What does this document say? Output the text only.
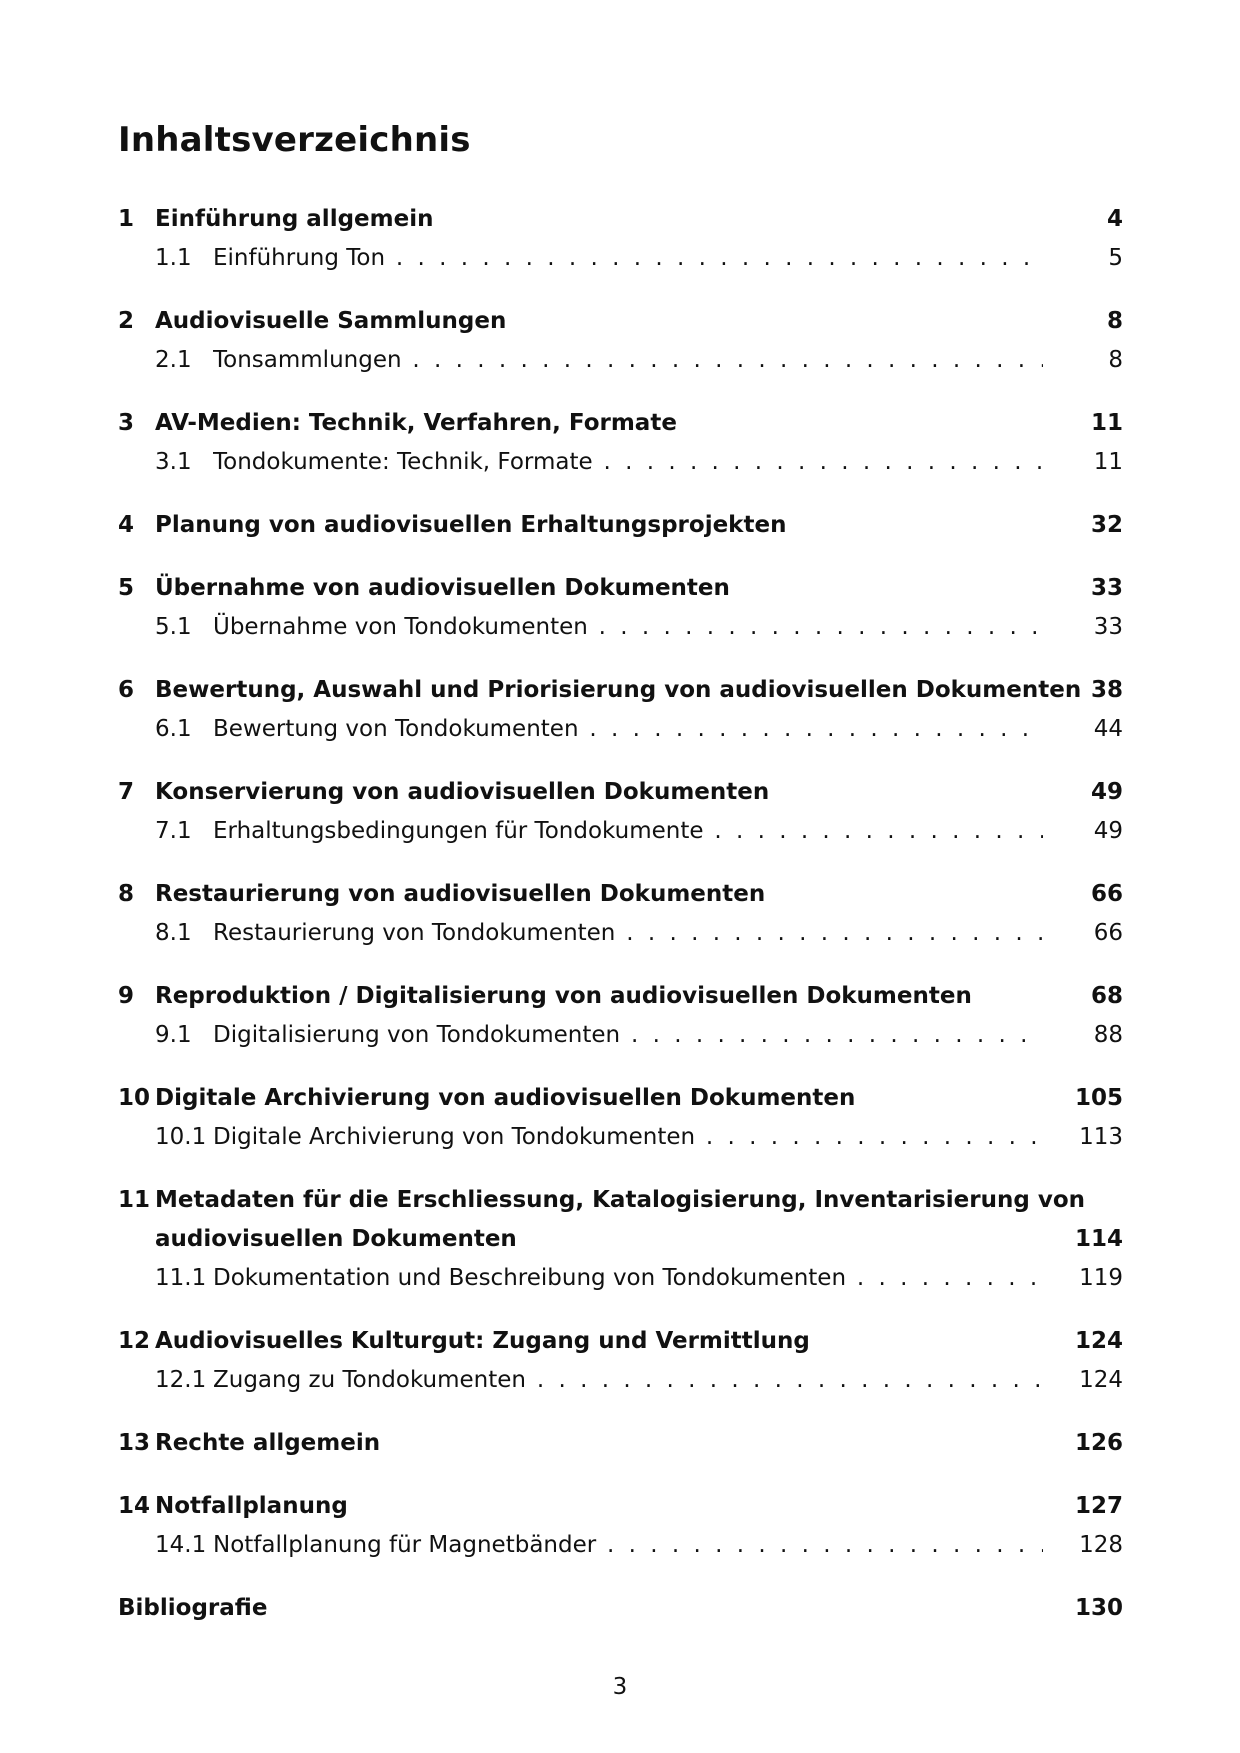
Inhaltsverzeichnis
1 Einführung allgemein	4
1.1 Einführung Ton . . .	5
2 Audiovisuelle Sammlungen	8
2.1 Tonsammlungen . . .	8
3 AV-Medien: Technik, Verfahren, Formate	11
3.1 Tondokumente: Technik, Formate . . .	11
4 Planung von audiovisuellen Erhaltungsprojekten	32
5 Übernahme von audiovisuellen Dokumenten	33
5.1 Übernahme von Tondokumenten . . .	33
6 Bewertung, Auswahl und Priorisierung von audiovisuellen Dokumenten 38
6.1 Bewertung von Tondokumenten . . .	44
7 Konservierung von audiovisuellen Dokumenten	49
7.1 Erhaltungsbedingungen für Tondokumente . . .	49
8 Restaurierung von audiovisuellen Dokumenten	66
8.1 Restaurierung von Tondokumenten . . .	66
9 Reproduktion / Digitalisierung von audiovisuellen Dokumenten	68
9.1 Digitalisierung von Tondokumenten . . .	88
10 Digitale Archivierung von audiovisuellen Dokumenten	105
10.1 Digitale Archivierung von Tondokumenten . . .	113
11 Metadaten für die Erschliessung, Katalogisierung, Inventarisierung von
audiovisuellen Dokumenten	114
11.1 Dokumentation und Beschreibung von Tondokumenten . . .	119
12 Audiovisuelles Kulturgut: Zugang und Vermittlung	124
12.1 Zugang zu Tondokumenten . . .	124
13 Rechte allgemein	126
14 Notfallplanung	127
14.1 Notfallplanung für Magnetbänder . . .	128
Bibliografie	130
3
